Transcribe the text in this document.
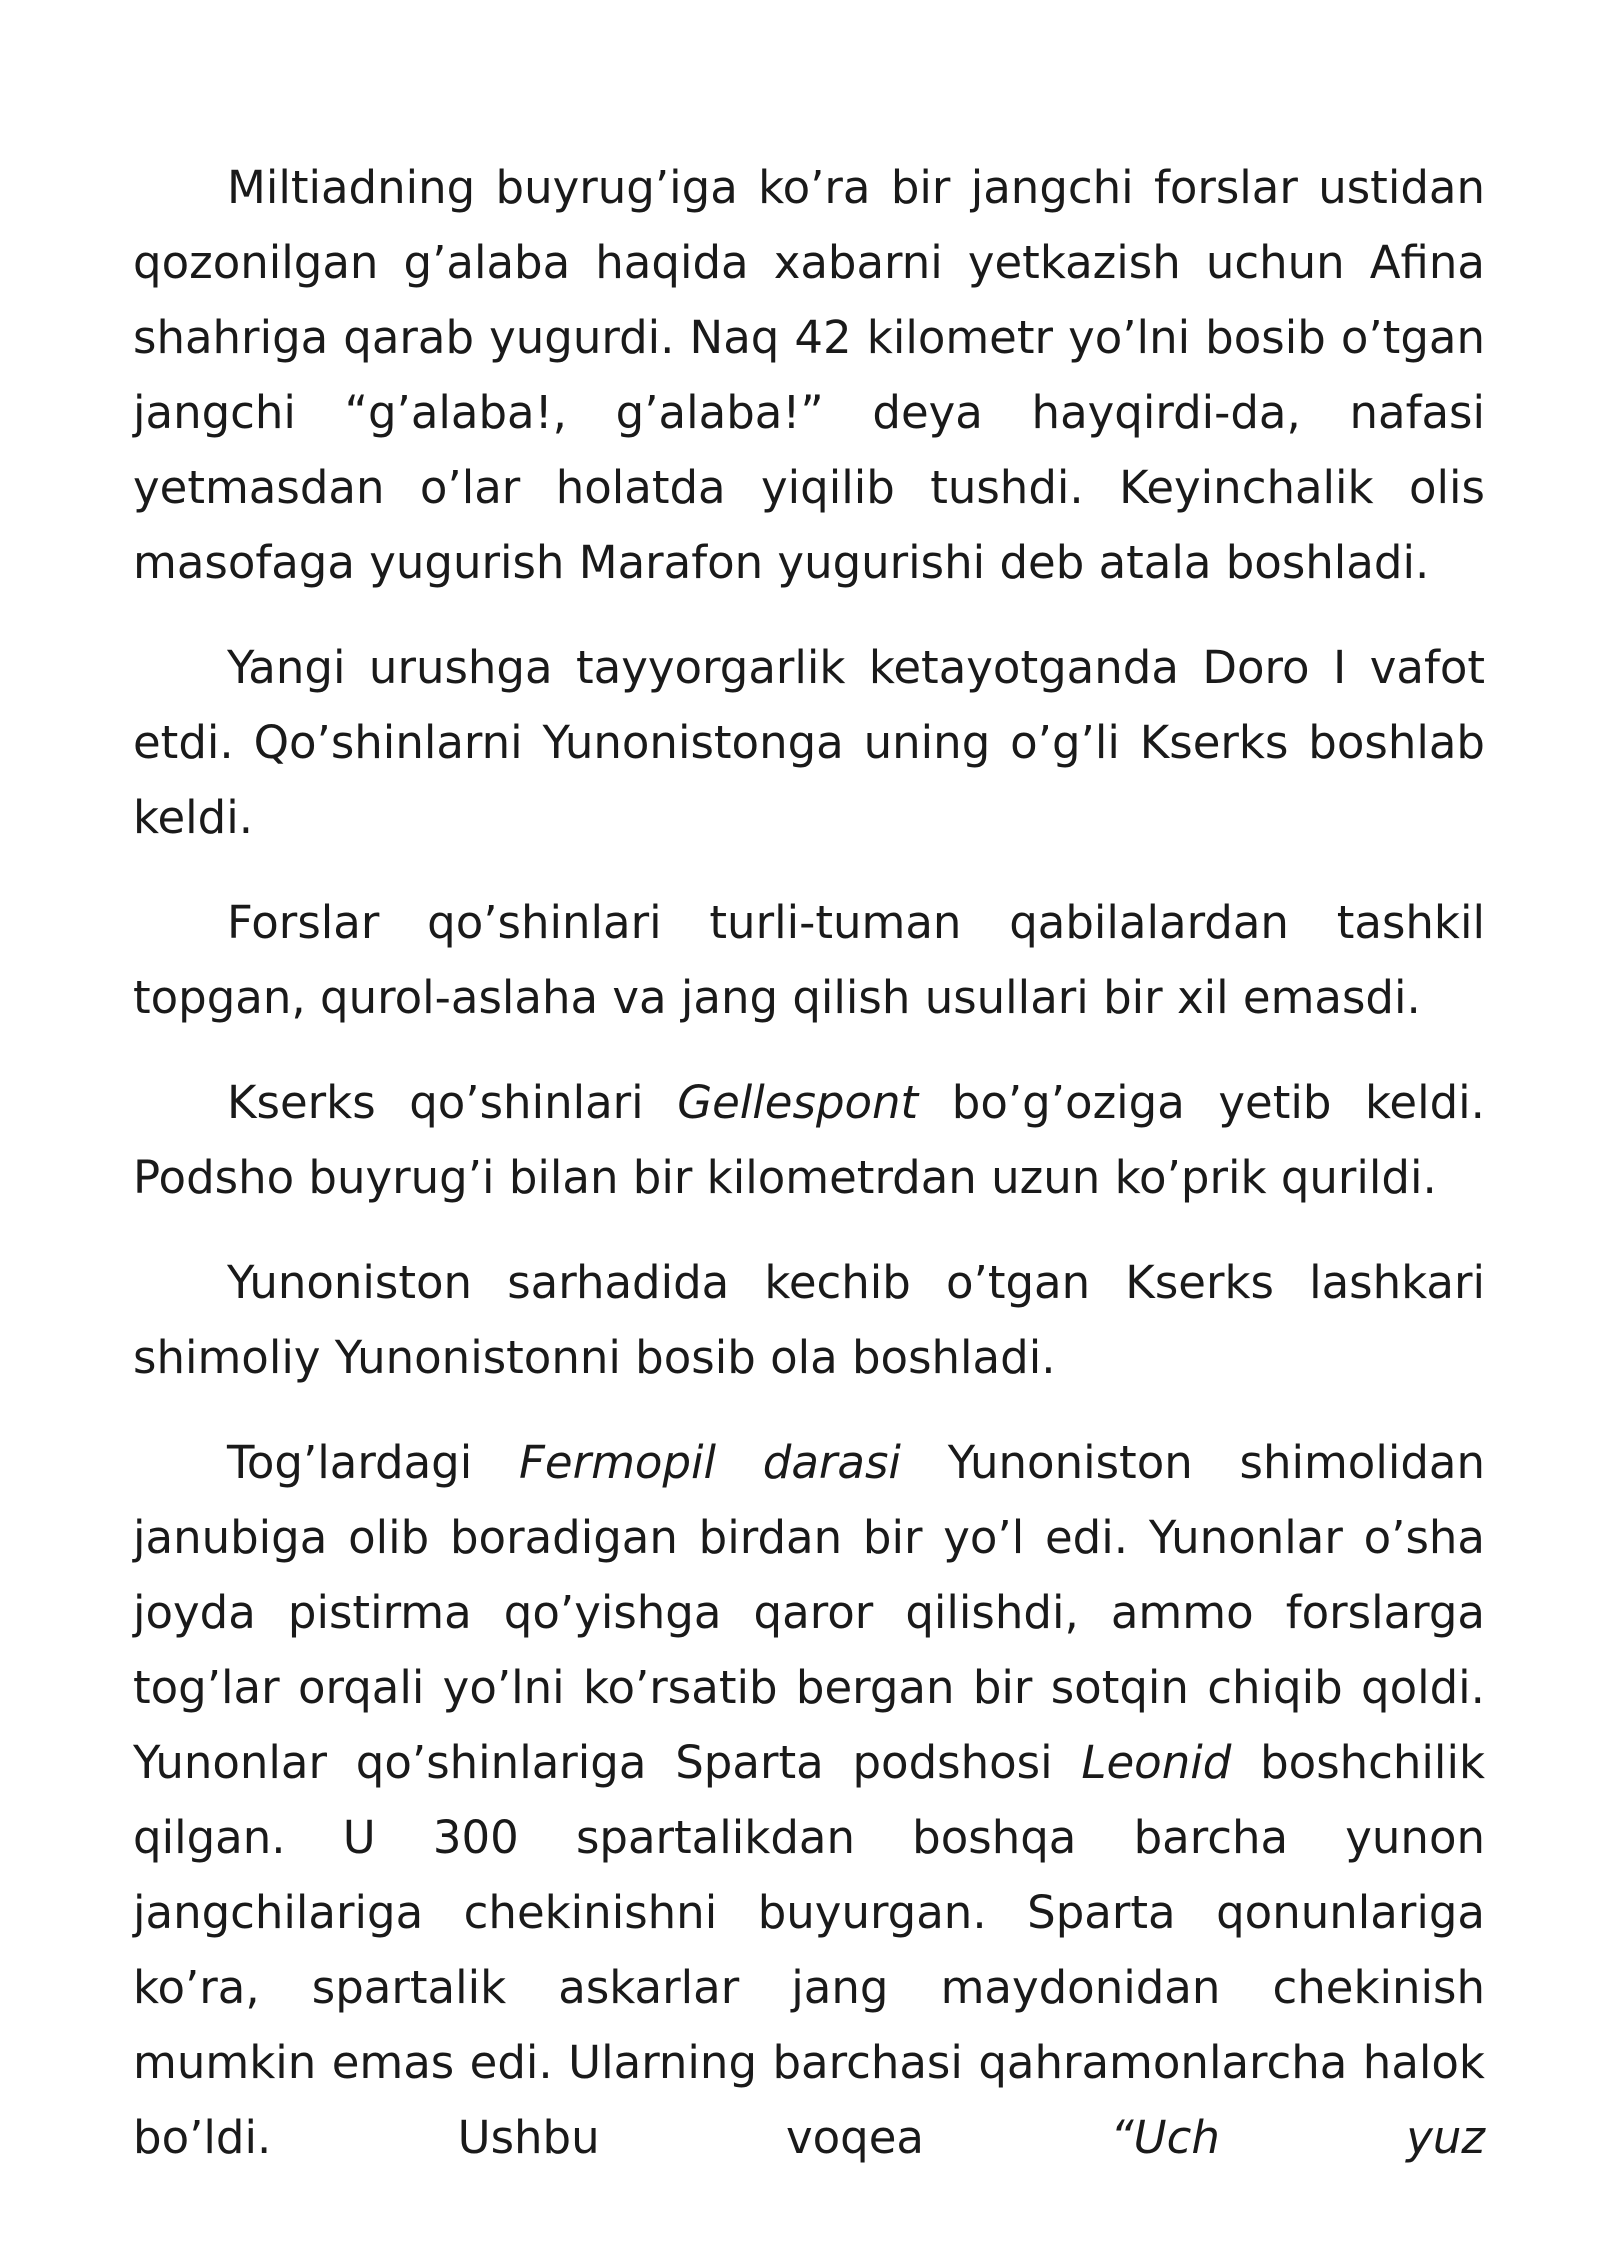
Miltiadning buyrug’iga ko’ra bir jangchi forslar ustidan qozonilgan g’alaba haqida xabarni yetkazish uchun Afina shahriga qarab yugurdi. Naq 42 kilometr yo’lni bosib o’tgan jangchi “g’alaba!, g’alaba!” deya hayqirdi-da, nafasi yetmasdan o’lar holatda yiqilib tushdi. Keyinchalik olis masofaga yugurish Marafon yugurishi deb atala boshladi.

Yangi urushga tayyorgarlik ketayotganda Doro I vafot etdi. Qo’shinlarni Yunonistonga uning o’g’li Kserks boshlab keldi.

Forslar qo’shinlari turli-tuman qabilalardan tashkil topgan, qurol-aslaha va jang qilish usullari bir xil emasdi.

Kserks qo’shinlari Gellespont bo’g’oziga yetib keldi. Podsho buyrug’i bilan bir kilometrdan uzun ko’prik qurildi.

Yunoniston sarhadida kechib o’tgan Kserks lashkari shimoliy Yunonistonni bosib ola boshladi.

Tog’lardagi Fermopil darasi Yunoniston shimolidan janubiga olib boradigan birdan bir yo’l edi. Yunonlar o’sha joyda pistirma qo’yishga qaror qilishdi, ammo forslarga tog’lar orqali yo’lni ko’rsatib bergan bir sotqin chiqib qoldi. Yunonlar qo’shinlariga Sparta podshosi Leonid boshchilik qilgan. U 300 spartalikdan boshqa barcha yunon jangchilariga chekinishni buyurgan. Sparta qonunlariga ko’ra, spartalik askarlar jang maydonidan chekinish mumkin emas edi. Ularning barchasi qahramonlarcha halok bo’ldi. Ushbu voqea “Uch yuz
